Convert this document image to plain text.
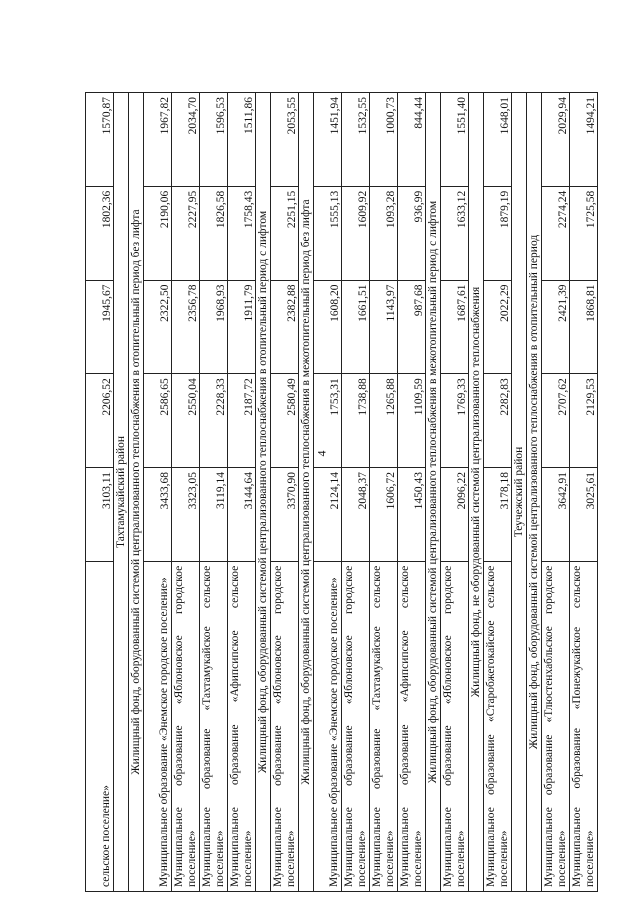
4
сельское поселение»	3103,11	2206,52	1945,67	1802,36	1570,87
Тахтамукайский район					
Жилищный фонд, оборудованный системой централизованного теплоснабжения в отопительный период без лифта					
Муниципальное образование «Энемское городское поселение»	3433,68	2586,65	2322,50	2190,06	1967,82
Муниципальное образование «Яблоновское городское поселение»	3323,05	2550,04	2356,78	2227,95	2034,70
Муниципальное образование «Тахтамукайское сельское поселение»	3119,14	2228,33	1968,93	1826,58	1596,53
Муниципальное образование «Афипсипское сельское поселение»	3144,64	2187,72	1911,79	1758,43	1511,86
Жилищный фонд, оборудованный системой централизованного теплоснабжения в отопительный период с лифтом					
Муниципальное образование «Яблоновское городское поселение»	3370,90	2580,49	2382,88	2251,15	2053,55
Жилищный фонд, оборудованный системой централизованного теплоснабжения в межотопительный период без лифта					
Муниципальное образование «Энемское городское поселение»	2124,14	1753,31	1608,20	1555,13	1451,94
Муниципальное образование «Яблоновское городское поселение»	2048,37	1738,88	1661,51	1609,92	1532,55
Муниципальное образование «Тахтамукайское сельское поселение»	1606,72	1265,88	1143,97	1093,28	1000,73
Муниципальное образование «Афипсипское сельское поселение»	1450,43	1109,59	987,68	936,99	844,44
Жилищный фонд, оборудованный системой централизованного теплоснабжения в межотопительный период с лифтом					
Муниципальное образование «Яблоновское городское поселение»	2096,22	1769,33	1687,61	1633,12	1551,40
Жилищный фонд, не оборудованный системой централизованного теплоснабжения					
Муниципальное образование «Старобжегокайское сельское поселение»	3178,18	2282,83	2022,29	1879,19	1648,01
Теучежский район					
Жилищный фонд, оборудованный системой централизованного теплоснабжения в отопительный период					
Муниципальное образование «Тлюстенхабльское городское поселение»	3642,91	2707,62	2421,39	2274,24	2029,94
Муниципальное образование «Понежукайское сельское поселение»	3025,61	2129,53	1868,81	1725,58	1494,21
